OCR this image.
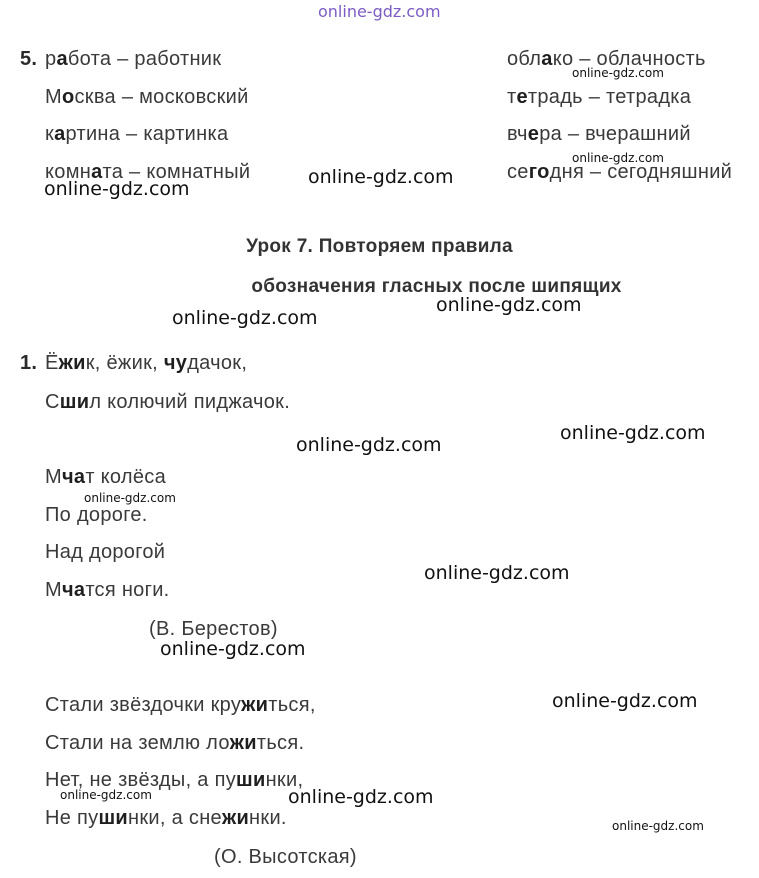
online-gdz.com
5. работа – работник
Москва – московский
картина – картинка
комната – комнатный
облако – облачность
тетрадь – тетрадка
вчера – вчерашний
сегодня – сегодняшний
Урок 7. Повторяем правила
обозначения гласных после шипящих
1. Ёжик, ёжик, чудачок,
Сшил колючий пиджачок.
Мчат колёса
По дороге.
Над дорогой
Мчатся ноги.
(В. Берестов)
Стали звёздочки кружиться,
Стали на землю ложиться.
Нет, не звёзды, а пушинки,
Не пушинки, а снежинки.
(О. Высотская)
online-gdz.com
online-gdz.com
online-gdz.com
online-gdz.com
online-gdz.com
online-gdz.com
online-gdz.com
online-gdz.com
online-gdz.com
online-gdz.com
online-gdz.com
online-gdz.com
online-gdz.com	online-gdz.com
online-gdz.com
